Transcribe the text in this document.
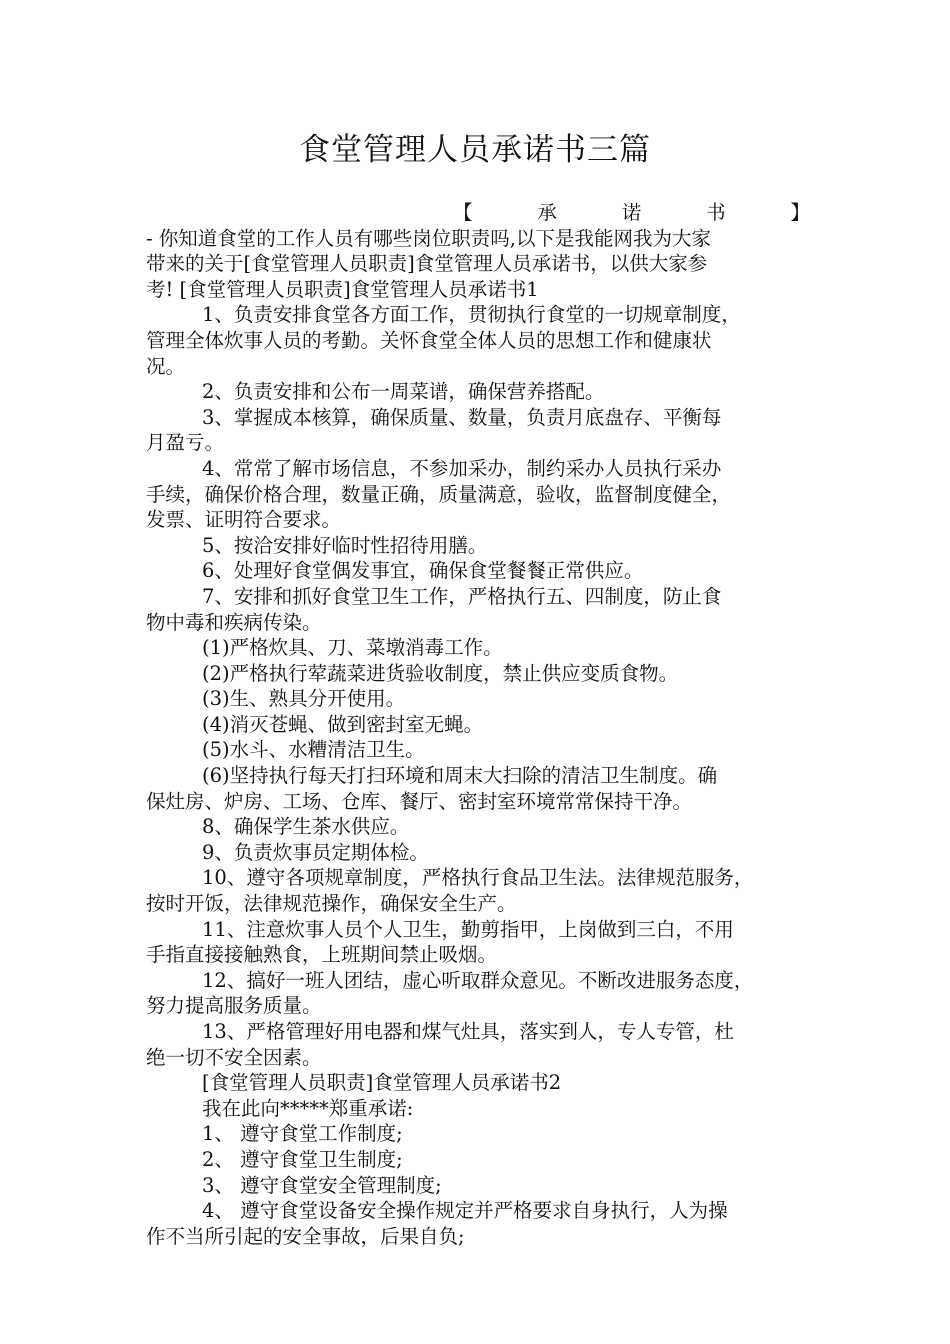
食堂管理人员承诺书三篇
【	承	诺	书	】
- 你知道食堂的工作人员有哪些岗位职责吗,以下是我能网我为大家
带来的关于[食堂管理人员职责]食堂管理人员承诺书，以供大家参
考! [食堂管理人员职责]食堂管理人员承诺书1
1、负责安排食堂各方面工作，贯彻执行食堂的一切规章制度，
管理全体炊事人员的考勤。关怀食堂全体人员的思想工作和健康状
况。
2、负责安排和公布一周菜谱，确保营养搭配。
3、掌握成本核算，确保质量、数量，负责月底盘存、平衡每
月盈亏。
4、常常了解市场信息，不参加采办，制约采办人员执行采办
手续，确保价格合理，数量正确，质量满意，验收，监督制度健全，
发票、证明符合要求。
5、按洽安排好临时性招待用膳。
6、处理好食堂偶发事宜，确保食堂餐餐正常供应。
7、安排和抓好食堂卫生工作，严格执行五、四制度，防止食
物中毒和疾病传染。
(1)严格炊具、刀、菜墩消毒工作。
(2)严格执行荤蔬菜进货验收制度，禁止供应变质食物。
(3)生、熟具分开使用。
(4)消灭苍蝇、做到密封室无蝇。
(5)水斗、水糟清洁卫生。
(6)坚持执行每天打扫环境和周末大扫除的清洁卫生制度。确
保灶房、炉房、工场、仓库、餐厅、密封室环境常常保持干净。
8、确保学生茶水供应。
9、负责炊事员定期体检。
10、遵守各项规章制度，严格执行食品卫生法。法律规范服务，
按时开饭，法律规范操作，确保安全生产。
11、注意炊事人员个人卫生，勤剪指甲，上岗做到三白，不用
手指直接接触熟食，上班期间禁止吸烟。
12、搞好一班人团结，虚心听取群众意见。不断改进服务态度，
努力提高服务质量。
13、严格管理好用电器和煤气灶具，落实到人，专人专管，杜
绝一切不安全因素。
[食堂管理人员职责]食堂管理人员承诺书2
我在此向*****郑重承诺:
1、 遵守食堂工作制度;
2、 遵守食堂卫生制度;
3、 遵守食堂安全管理制度;
4、 遵守食堂设备安全操作规定并严格要求自身执行，人为操
作不当所引起的安全事故，后果自负;
